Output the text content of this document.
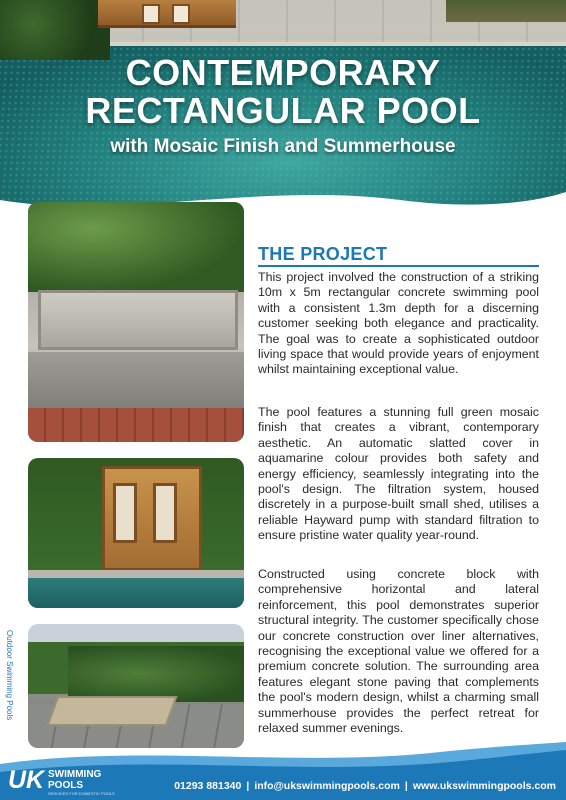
CONTEMPORARY
RECTANGULAR POOL
with Mosaic Finish and Summerhouse
Outdoor Swimming Pools
THE PROJECT

This project involved the construction of a striking 10m x 5m rectangular concrete swimming pool with a consistent 1.3m depth for a discerning customer seeking both elegance and practicality. The goal was to create a sophisticated outdoor living space that would provide years of enjoyment whilst maintaining exceptional value.

The pool features a stunning full green mosaic finish that creates a vibrant, contemporary aesthetic. An automatic slatted cover in aquamarine colour provides both safety and energy efficiency, seamlessly integrating into the pool's design. The filtration system, housed discretely in a purpose-built small shed, utilises a reliable Hayward pump with standard filtration to ensure pristine water quality year-round.

Constructed using concrete block with comprehensive horizontal and lateral reinforcement, this pool demonstrates superior structural integrity. The customer specifically chose our concrete construction over liner alternatives, recognising the exceptional value we offered for a premium concrete solution. The surrounding area features elegant stone paving that complements the pool's modern design, whilst a charming small summerhouse provides the perfect retreat for relaxed summer evenings.

UK SWIMMING
POOLS
SERVICES FOR DOMESTIC POOLS
01293 881340 | info@ukswimmingpools.com | www.ukswimmingpools.com
